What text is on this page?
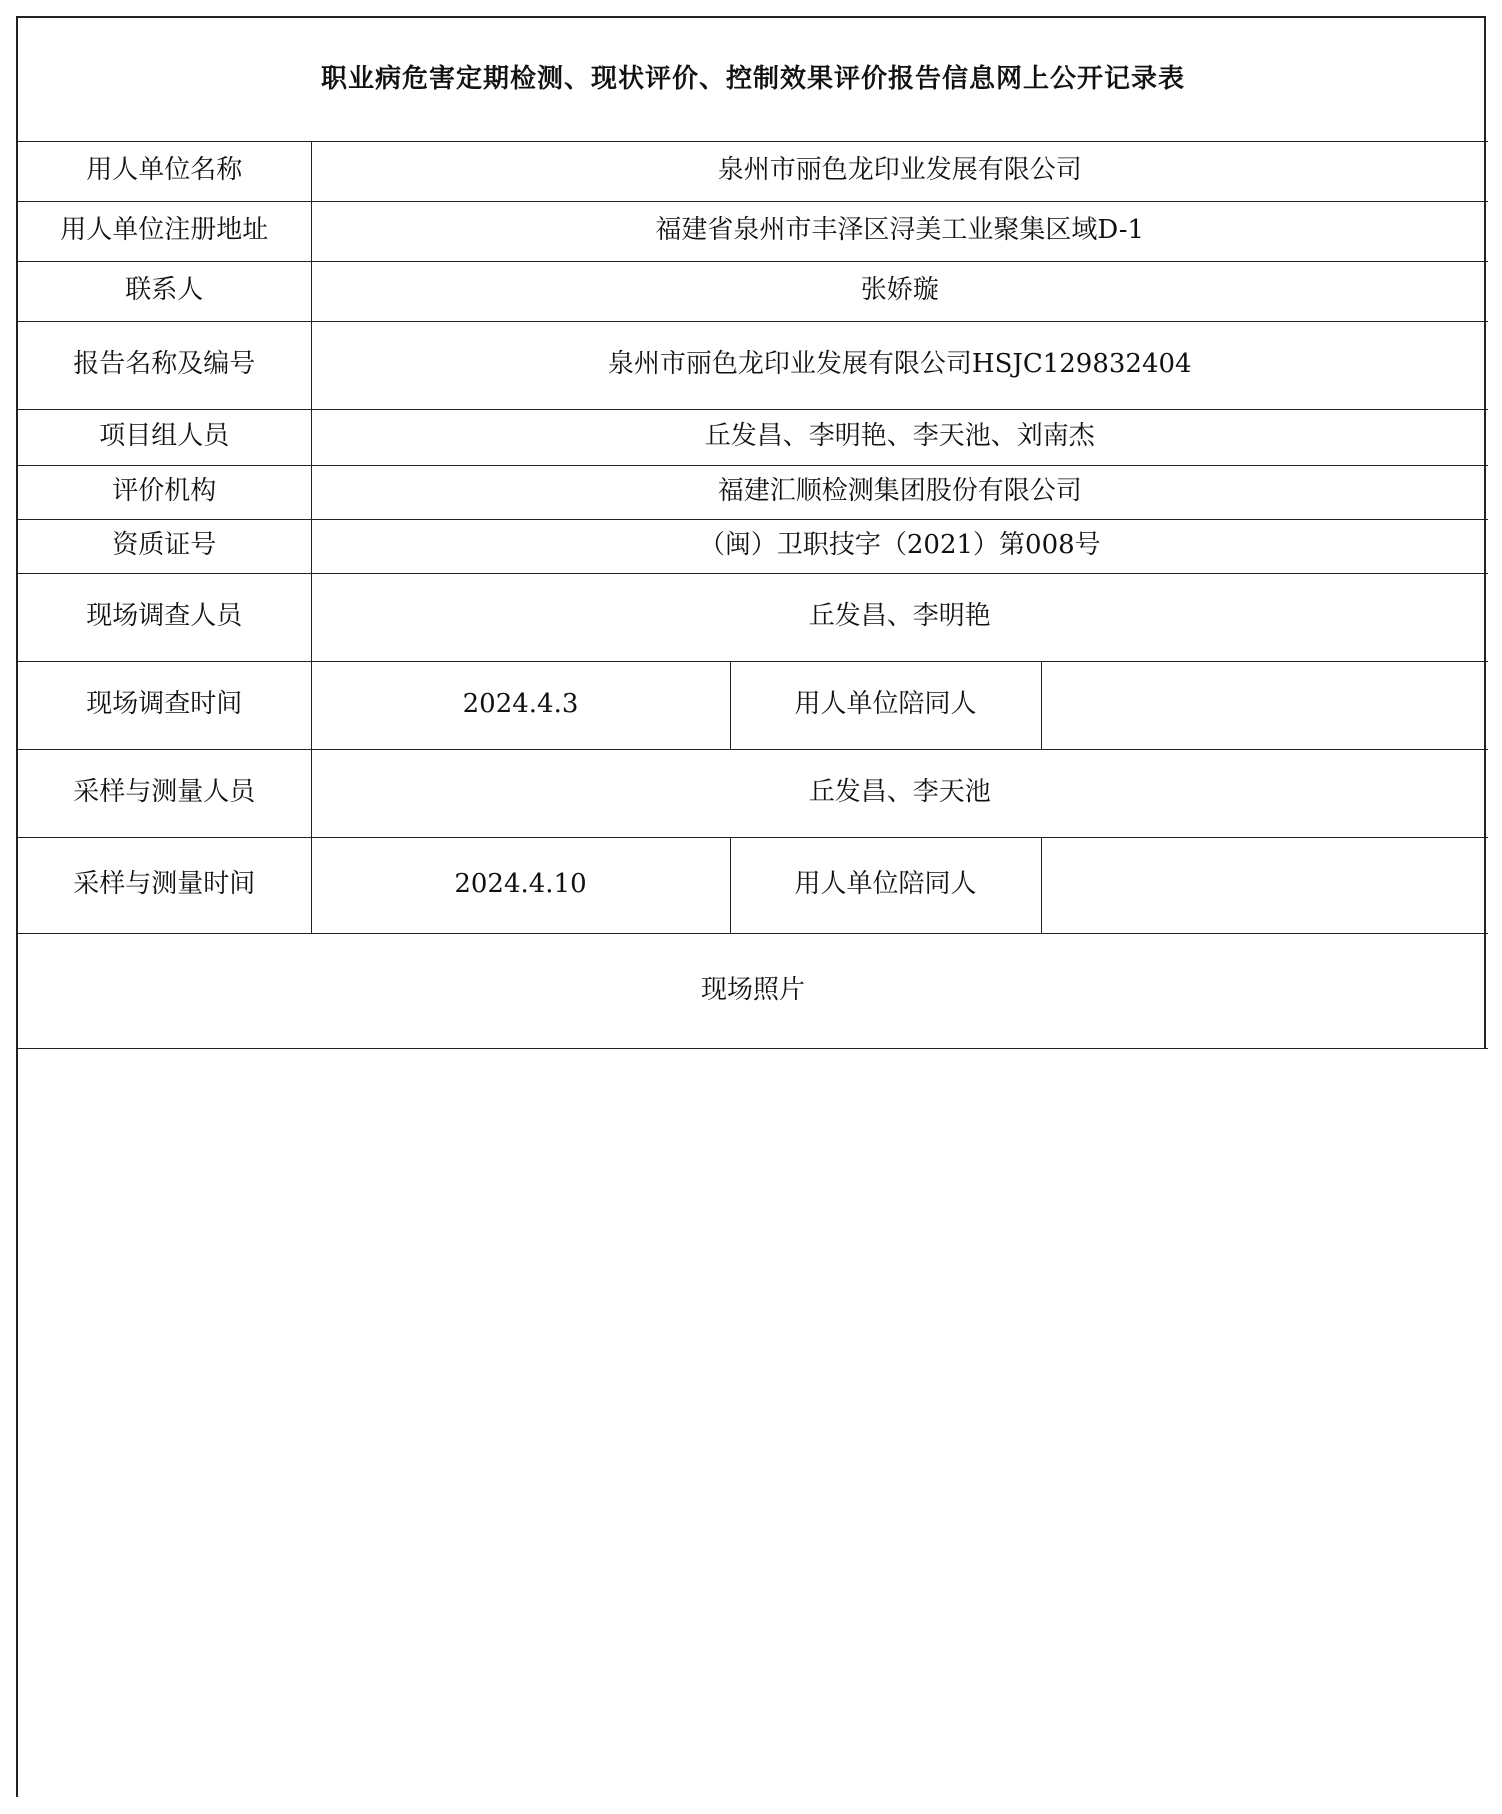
职业病危害定期检测、现状评价、控制效果评价报告信息网上公开记录表			
用人单位名称	泉州市丽色龙印业发展有限公司		
用人单位注册地址	福建省泉州市丰泽区浔美工业聚集区域D-1		
联系人	张娇璇		
报告名称及编号	泉州市丽色龙印业发展有限公司HSJC129832404		
项目组人员	丘发昌、李明艳、李天池、刘南杰		
评价机构	福建汇顺检测集团股份有限公司		
资质证号	（闽）卫职技字（2021）第008号		
现场调查人员	丘发昌、李明艳		
现场调查时间	2024.4.3	用人单位陪同人	
采样与测量人员	丘发昌、李天池		
采样与测量时间	2024.4.10	用人单位陪同人	
现场照片			
